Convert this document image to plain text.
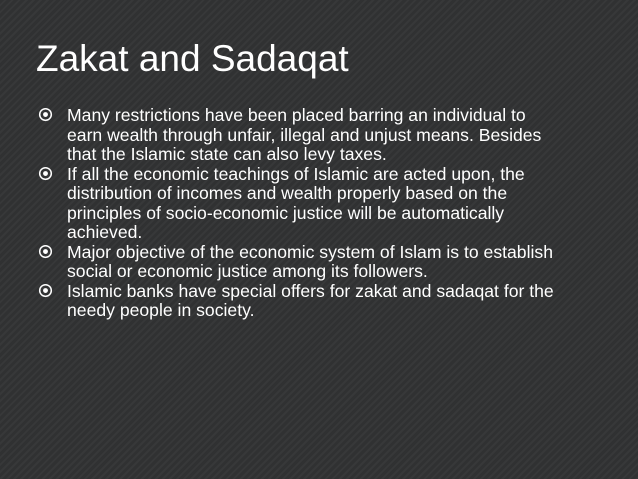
Zakat and Sadaqat
Many restrictions have been placed barring an individual to earn wealth through unfair, illegal and unjust means. Besides that the Islamic state can also levy taxes.
If all the economic teachings of Islamic are acted upon, the distribution of incomes and wealth properly based on the principles of socio-economic justice will be automatically achieved.
Major objective of the economic system of Islam is to establish social or economic justice among its followers.
Islamic banks have special offers for zakat and sadaqat for the needy people in society.
